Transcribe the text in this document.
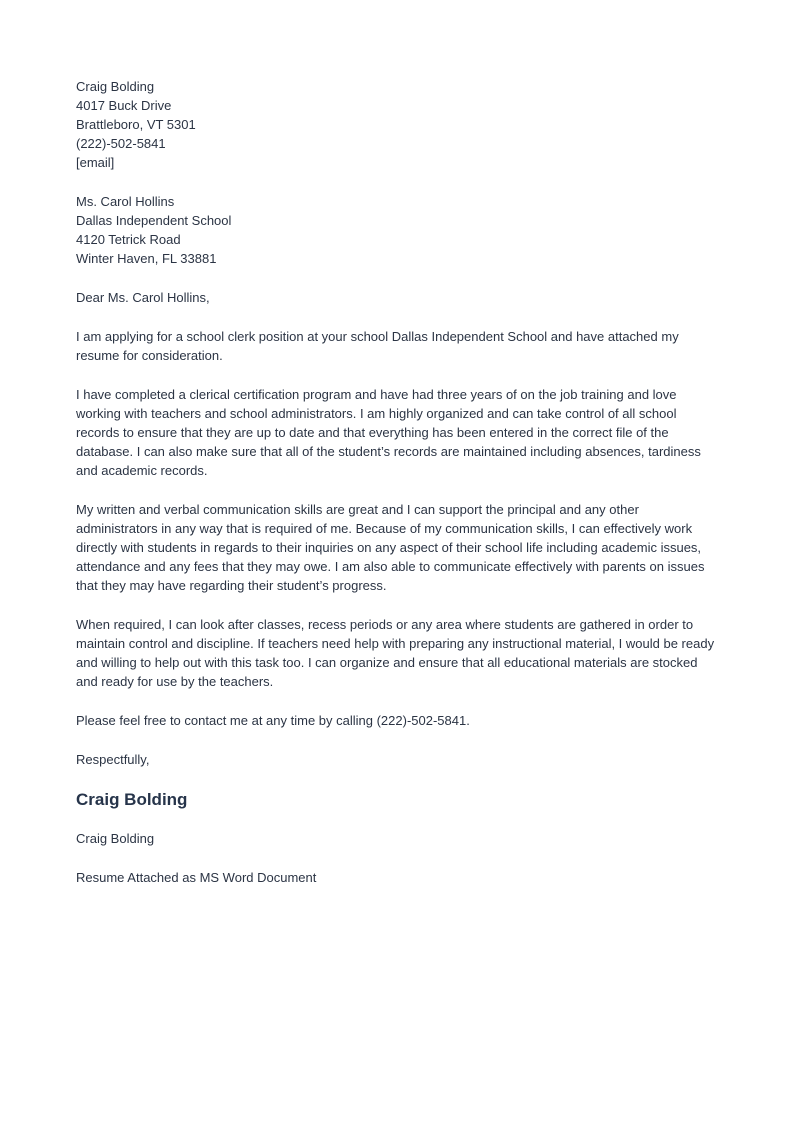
Craig Bolding
4017 Buck Drive
Brattleboro, VT 5301
(222)-502-5841
[email]
Ms. Carol Hollins
Dallas Independent School
4120 Tetrick Road
Winter Haven, FL 33881

Dear Ms. Carol Hollins,

I am applying for a school clerk position at your school Dallas Independent School and have attached my resume for consideration.

I have completed a clerical certification program and have had three years of on the job training and love working with teachers and school administrators. I am highly organized and can take control of all school records to ensure that they are up to date and that everything has been entered in the correct file of the database. I can also make sure that all of the student’s records are maintained including absences, tardiness and academic records.

My written and verbal communication skills are great and I can support the principal and any other administrators in any way that is required of me. Because of my communication skills, I can effectively work directly with students in regards to their inquiries on any aspect of their school life including academic issues, attendance and any fees that they may owe. I am also able to communicate effectively with parents on issues that they may have regarding their student’s progress.

When required, I can look after classes, recess periods or any area where students are gathered in order to maintain control and discipline. If teachers need help with preparing any instructional material, I would be ready and willing to help out with this task too. I can organize and ensure that all educational materials are stocked and ready for use by the teachers.

Please feel free to contact me at any time by calling (222)-502-5841.

Respectfully,

Craig Bolding

Craig Bolding

Resume Attached as MS Word Document
